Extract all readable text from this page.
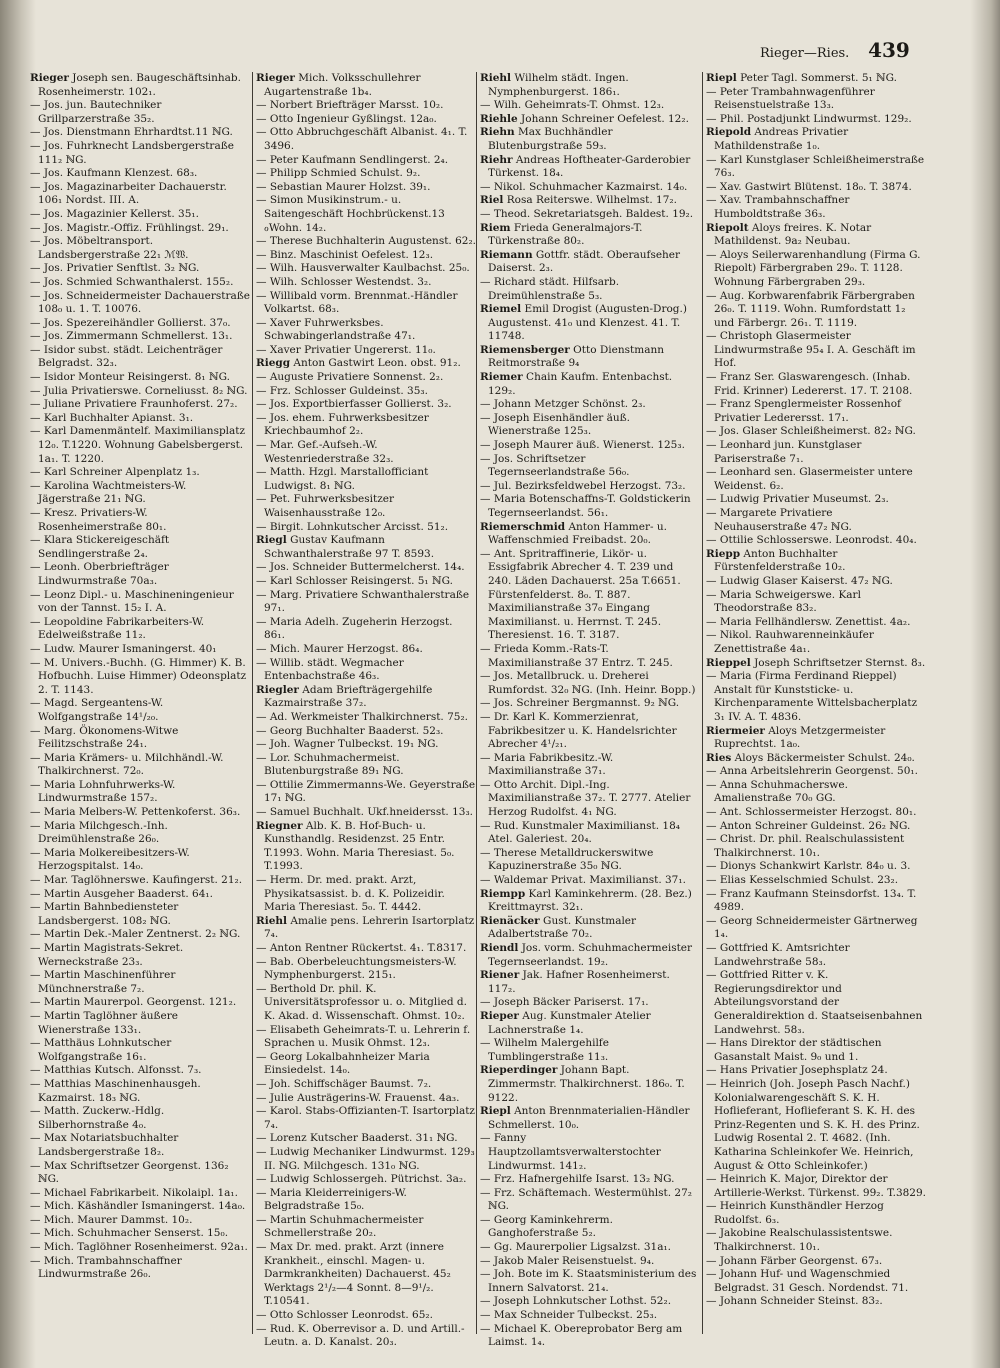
Rieger—Ries. 439

Rieger Joseph sen. Baugeschäftsinhab. Rosenheimerstr. 102₁.

— Jos. jun. Bautechniker Grillparzerstraße 35₂.

— Jos. Dienstmann Ehrhardtst.11 ℕG.

— Jos. Fuhrknecht Landsbergerstraße 111₂ ℕG.

— Jos. Kaufmann Klenzest. 68₃.

— Jos. Magazinarbeiter Dachauerstr. 106₁ Nordst. III. A.

— Jos. Magazinier Kellerst. 35₁.

— Jos. Magistr.-Offiz. Frühlingst. 29₁.

— Jos. Möbeltransport. Landsbergerstraße 22₁ ℳ𝔚.

— Jos. Privatier Senftlst. 3₂ ℕG.

— Jos. Schmied Schwanthalerst. 155₂.

— Jos. Schneidermeister Dachauerstraße 108₀ u. 1. T. 10076.

— Jos. Spezereihändler Gollierst. 37₀.

— Jos. Zimmermann Schmellerst. 13₁.

— Isidor subst. städt. Leichenträger Belgradst. 32₃.

— Isidor Monteur Reisingerst. 8₁ ℕG.

— Julia Privatierswe. Corneliusst. 8₂ ℕG.

— Juliane Privatiere Fraunhoferst. 27₂.

— Karl Buchhalter Apianst. 3₁.

— Karl Damenmäntelf. Maximiliansplatz 12₀. T.1220. Wohnung Gabelsbergerst. 1a₁. T. 1220.

— Karl Schreiner Alpenplatz 1₃.

— Karolina Wachtmeisters-W. Jägerstraße 21₁ ℕG.

— Kresz. Privatiers-W. Rosenheimerstraße 80₁.

— Klara Stickereigeschäft Sendlingerstraße 2₄.

— Leonh. Oberbriefträger Lindwurmstraße 70a₃.

— Leonz Dipl.- u. Maschineningenieur von der Tannst. 15₂ I. A.

— Leopoldine Fabrikarbeiters-W. Edelweißstraße 11₂.

— Ludw. Maurer Ismaningerst. 40₁

— M. Univers.-Buchh. (G. Himmer) K. B. Hofbuchh. Luise Himmer) Odeonsplatz 2. T. 1143.

— Magd. Sergeantens-W. Wolfgangstraße 14¹/₂₀.

— Marg. Ökonomens-Witwe Feilitzschstraße 24₁.

— Maria Krämers- u. Milchhändl.-W. Thalkirchnerst. 72₀.

— Maria Lohnfuhrwerks-W. Lindwurmstraße 157₂.

— Maria Melbers-W. Pettenkoferst. 36₃.

— Maria Milchgesch.-Inh. Dreimühlenstraße 26₀.

— Maria Molkereibesitzers-W. Herzogspitalst. 14₀.

— Mar. Taglöhnerswe. Kaufingerst. 21₂.

— Martin Ausgeher Baaderst. 64₁.

— Martin Bahnbediensteter Landsbergerst. 108₂ ℕG.

— Martin Dek.-Maler Zentnerst. 2₂ ℕG.

— Martin Magistrats-Sekret. Werneckstraße 23₃.

— Martin Maschinenführer Münchnerstraße 7₂.

— Martin Maurerpol. Georgenst. 121₂.

— Martin Taglöhner äußere Wienerstraße 133₁.

— Matthäus Lohnkutscher Wolfgangstraße 16₁.

— Matthias Kutsch. Alfonsst. 7₃.

— Matthias Maschinenhausgeh. Kazmairst. 18₃ ℕG.

— Matth. Zuckerw.-Hdlg. Silberhornstraße 4₀.

— Max Notariatsbuchhalter Landsbergerstraße 18₂.

— Max Schriftsetzer Georgenst. 136₂ ℕG.

— Michael Fabrikarbeit. Nikolaipl. 1a₁.

— Mich. Käshändler Ismaningerst. 14a₀.

— Mich. Maurer Dammst. 10₂.

— Mich. Schuhmacher Senserst. 15₀.

— Mich. Taglöhner Rosenheimerst. 92a₁.

— Mich. Trambahnschaffner Lindwurmstraße 26₀.

Rieger Mich. Volksschullehrer Augartenstraße 1b₄.

— Norbert Briefträger Marsst. 10₂.

— Otto Ingenieur Gyßlingst. 12a₀.

— Otto Abbruchgeschäft Albanist. 4₁. T. 3496.

— Peter Kaufmann Sendlingerst. 2₄.

— Philipp Schmied Schulst. 9₂.

— Sebastian Maurer Holzst. 39₁.

— Simon Musikinstrum.- u. Saitengeschäft Hochbrückenst.13 ℴWohn. 14₂.

— Therese Buchhalterin Augustenst. 62₂.

— Binz. Maschinist Oefelest. 12₃.

— Wilh. Hausverwalter Kaulbachst. 25₀.

— Wilh. Schlosser Westendst. 3₂.

— Willibald vorm. Brennmat.-Händler Volkartst. 68₃.

— Xaver Fuhrwerksbes. Schwabingerlandstraße 47₁.

— Xaver Privatier Ungererst. 11₀.

Riegg Anton Gastwirt Leon. obst. 91₂.

— Auguste Privatiere Sonnenst. 2₂.

— Frz. Schlosser Guldeinst. 35₃.

— Jos. Exportbierfasser Gollierst. 3₂.

— Jos. ehem. Fuhrwerksbesitzer Kriechbaumhof 2₂.

— Mar. Gef.-Aufseh.-W. Westenriederstraße 32₃.

— Matth. Hzgl. Marstallofficiant Ludwigst. 8₁ ℕG.

— Pet. Fuhrwerksbesitzer Waisenhausstraße 12₀.

— Birgit. Lohnkutscher Arcisst. 51₂.

Riegl Gustav Kaufmann Schwanthalerstraße 97 T. 8593.

— Jos. Schneider Buttermelcherst. 14₄.

— Karl Schlosser Reisingerst. 5₁ ℕG.

— Marg. Privatiere Schwanthalerstraße 97₁.

— Maria Adelh. Zugeherin Herzogst. 86₁.

— Mich. Maurer Herzogst. 86₄.

— Willib. städt. Wegmacher Entenbachstraße 46₃.

Riegler Adam Briefträgergehilfe Kazmairstraße 37₂.

— Ad. Werkmeister Thalkirchnerst. 75₂.

— Georg Buchhalter Baaderst. 52₃.

— Joh. Wagner Tulbeckst. 19₁ ℕG.

— Lor. Schuhmachermeist. Blutenburgstraße 89₁ ℕG.

— Ottilie Zimmermanns-We. Geyerstraße 17₁ ℕG.

— Samuel Buchhalt. Ukf.hneidersst. 13₃.

Riegner Alb. K. B. Hof-Buch- u. Kunsthandlg. Residenzst. 25 Entr. T.1993. Wohn. Maria Theresiast. 5₀. T.1993.

— Herm. Dr. med. prakt. Arzt, Physikatsassist. b. d. K. Polizeidir. Maria Theresiast. 5₀. T. 4442.

Riehl Amalie pens. Lehrerin Isartorplatz 7₄.

— Anton Rentner Rückertst. 4₁. T.8317.

— Bab. Oberbeleuchtungsmeisters-W. Nymphenburgerst. 215₁.

— Berthold Dr. phil. K. Universitätsprofessor u. o. Mitglied d. K. Akad. d. Wissenschaft. Ohmst. 10₂.

— Elisabeth Geheimrats-T. u. Lehrerin f. Sprachen u. Musik Ohmst. 12₃.

— Georg Lokalbahnheizer Maria Einsiedelst. 14₀.

— Joh. Schiffschäger Baumst. 7₂.

— Julie Austrägerins-W. Frauenst. 4a₃.

— Karol. Stabs-Offizianten-T. Isartorplatz 7₄.

— Lorenz Kutscher Baaderst. 31₁ ℕG.

— Ludwig Mechaniker Lindwurmst. 129₃ II. ℕG. Milchgesch. 131₀ ℕG.

— Ludwig Schlossergeh. Pütrichst. 3a₂.

— Maria Kleiderreinigers-W. Belgradstraße 15₀.

— Martin Schuhmachermeister Schmellerstraße 20₂.

— Max Dr. med. prakt. Arzt (innere Krankheit., einschl. Magen- u. Darmkrankheiten) Dachauerst. 45₂ Werktags 2¹/₂—4 Sonnt. 8—9¹/₂. T.10541.

— Otto Schlosser Leonrodst. 65₂.

— Rud. K. Oberrevisor a. D. und Artill.-Leutn. a. D. Kanalst. 20₃.

Riehl Wilhelm städt. Ingen. Nymphenburgerst. 186₁.

— Wilh. Geheimrats-T. Ohmst. 12₃.

Riehle Johann Schreiner Oefelest. 12₂.

Riehn Max Buchhändler Blutenburgstraße 59₃.

Riehr Andreas Hoftheater-Garderobier Türkenst. 18₄.

— Nikol. Schuhmacher Kazmairst. 14₀.

Riel Rosa Reiterswe. Wilhelmst. 17₂.

— Theod. Sekretariatsgeh. Baldest. 19₂.

Riem Frieda Generalmajors-T. Türkenstraße 80₂.

Riemann Gottfr. städt. Oberaufseher Daiserst. 2₃.

— Richard städt. Hilfsarb. Dreimühlenstraße 5₃.

Riemel Emil Drogist (Augusten-Drog.) Augustenst. 41₀ und Klenzest. 41. T. 11748.

Riemensberger Otto Dienstmann Reitmorstraße 9₄

Riemer Chain Kaufm. Entenbachst. 129₂.

— Johann Metzger Schönst. 2₃.

— Joseph Eisenhändler äuß. Wienerstraße 125₃.

— Joseph Maurer äuß. Wienerst. 125₃.

— Jos. Schriftsetzer Tegernseerlandstraße 56₀.

— Jul. Bezirksfeldwebel Herzogst. 73₂.

— Maria Botenschaffns-T. Goldstickerin Tegernseerlandst. 56₁.

Riemerschmid Anton Hammer- u. Waffenschmied Freibadst. 20₀.

— Ant. Spritraffinerie, Likör- u. Essigfabrik Abrecher 4. T. 239 und 240. Läden Dachauerst. 25a T.6651. Fürstenfelderst. 8₀. T. 887. Maximilianstraße 37₀ Eingang Maximilianst. u. Herrnst. T. 245. Theresienst. 16. T. 3187.

— Frieda Komm.-Rats-T. Maximilianstraße 37 Entrz. T. 245.

— Jos. Metallbruck. u. Dreherei Rumfordst. 32₀ ℕG. (Inh. Heinr. Bopp.)

— Jos. Schreiner Bergmannst. 9₂ ℕG.

— Dr. Karl K. Kommerzienrat, Fabrikbesitzer u. K. Handelsrichter Abrecher 4¹/₂₁.

— Maria Fabrikbesitz.-W. Maximilianstraße 37₁.

— Otto Archit. Dipl.-Ing. Maximilianstraße 37₂. T. 2777. Atelier Herzog Rudolfst. 4₁ ℕG.

— Rud. Kunstmaler Maximilianst. 18₄ Atel. Galeriest. 20₄.

— Therese Metalldruckerswitwe Kapuzinerstraße 35₀ ℕG.

— Waldemar Privat. Maximilianst. 37₁.

Riempp Karl Kaminkehrerm. (28. Bez.) Kreittmayrst. 32₁.

Rienäcker Gust. Kunstmaler Adalbertstraße 70₂.

Riendl Jos. vorm. Schuhmachermeister Tegernseerlandst. 19₂.

Riener Jak. Hafner Rosenheimerst. 117₂.

— Joseph Bäcker Pariserst. 17₁.

Rieper Aug. Kunstmaler Atelier Lachnerstraße 1₄.

— Wilhelm Malergehilfe Tumblingerstraße 11₃.

Rieperdinger Johann Bapt. Zimmermstr. Thalkirchnerst. 186₀. T. 9122.

Riepl Anton Brennmaterialien-Händler Schmellerst. 10₀.

— Fanny Hauptzollamtsverwalterstochter Lindwurmst. 141₂.

— Frz. Hafnergehilfe Isarst. 13₂ ℕG.

— Frz. Schäftemach. Westermühlst. 27₂ ℕG.

— Georg Kaminkehrerm. Ganghoferstraße 5₂.

— Gg. Maurerpolier Ligsalzst. 31a₁.

— Jakob Maler Reisenstuelst. 9₄.

— Joh. Bote im K. Staatsministerium des Innern Salvatorst. 21₄.

— Joseph Lohnkutscher Lothst. 52₂.

— Max Schneider Tulbeckst. 25₃.

— Michael K. Obereprobator Berg am Laimst. 1₄.

Riepl Peter Tagl. Sommerst. 5₁ ℕG.

— Peter Trambahnwagenführer Reisenstuelstraße 13₃.

— Phil. Postadjunkt Lindwurmst. 129₂.

Riepold Andreas Privatier Mathildenstraße 1₀.

— Karl Kunstglaser Schleißheimerstraße 76₃.

— Xav. Gastwirt Blütenst. 18₀. T. 3874.

— Xav. Trambahnschaffner Humboldtstraße 36₃.

Riepolt Aloys freires. K. Notar Mathildenst. 9a₂ Neubau.

— Aloys Seilerwarenhandlung (Firma G. Riepolt) Färbergraben 29₀. T. 1128. Wohnung Färbergraben 29₃.

— Aug. Korbwarenfabrik Färbergraben 26₀. T. 1119. Wohn. Rumfordstatt 1₂ und Färbergr. 26₁. T. 1119.

— Christoph Glasermeister Lindwurmstraße 95₄ I. A. Geschäft im Hof.

— Franz Ser. Glaswarengesch. (Inhab. Frid. Krinner) Ledererst. 17. T. 2108.

— Franz Spenglermeister Rossenhof Privatier Lederersst. 17₁.

— Jos. Glaser Schleißheimerst. 82₂ ℕG.

— Leonhard jun. Kunstglaser Pariserstraße 7₁.

— Leonhard sen. Glasermeister untere Weidenst. 6₂.

— Ludwig Privatier Museumst. 2₃.

— Margarete Privatiere Neuhauserstraße 47₂ ℕG.

— Ottilie Schlosserswe. Leonrodst. 40₄.

Riepp Anton Buchhalter Fürstenfelderstraße 10₂.

— Ludwig Glaser Kaiserst. 47₂ ℕG.

— Maria Schweigerswe. Karl Theodorstraße 83₂.

— Maria Fellhändlersw. Zenettist. 4a₂.

— Nikol. Rauhwarenneinkäufer Zenettistraße 4a₁.

Rieppel Joseph Schriftsetzer Sternst. 8₃.

— Maria (Firma Ferdinand Rieppel) Anstalt für Kunststicke- u. Kirchenparamente Wittelsbacherplatz 3₁ IV. A. T. 4836.

Riermeier Aloys Metzgermeister Ruprechtst. 1a₀.

Ries Aloys Bäckermeister Schulst. 24₀.

— Anna Arbeitslehrerin Georgenst. 50₁.

— Anna Schuhmacherswe. Amalienstraße 70₀ GG.

— Ant. Schlossermeister Herzogst. 80₁.

— Anton Schreiner Guldeinst. 26₂ ℕG.

— Christ. Dr. phil. Realschulassistent Thalkirchnerst. 10₁.

— Dionys Schankwirt Karlstr. 84₀ u. 3.

— Elias Kesselschmied Schulst. 23₂.

— Franz Kaufmann Steinsdorfst. 13₄. T. 4989.

— Georg Schneidermeister Gärtnerweg 1₄.

— Gottfried K. Amtsrichter Landwehrstraße 58₃.

— Gottfried Ritter v. K. Regierungsdirektor und Abteilungsvorstand der Generaldirektion d. Staatseisenbahnen Landwehrst. 58₃.

— Hans Direktor der städtischen Gasanstalt Maist. 9₀ und 1.

— Hans Privatier Josephsplatz 24.

— Heinrich (Joh. Joseph Pasch Nachf.) Kolonialwarengeschäft S. K. H. Hoflieferant, Hoflieferant S. K. H. des Prinz-Regenten und S. K. H. des Prinz. Ludwig Rosental 2. T. 4682. (Inh. Katharina Schleinkofer We. Heinrich, August & Otto Schleinkofer.)

— Heinrich K. Major, Direktor der Artillerie-Werkst. Türkenst. 99₂. T.3829.

— Heinrich Kunsthändler Herzog Rudolfst. 6₃.

— Jakobine Realschulassistentswe. Thalkirchnerst. 10₁.

— Johann Färber Georgenst. 67₃.

— Johann Huf- und Wagenschmied Belgradst. 31 Gesch. Nordendst. 71.

— Johann Schneider Steinst. 83₂.
